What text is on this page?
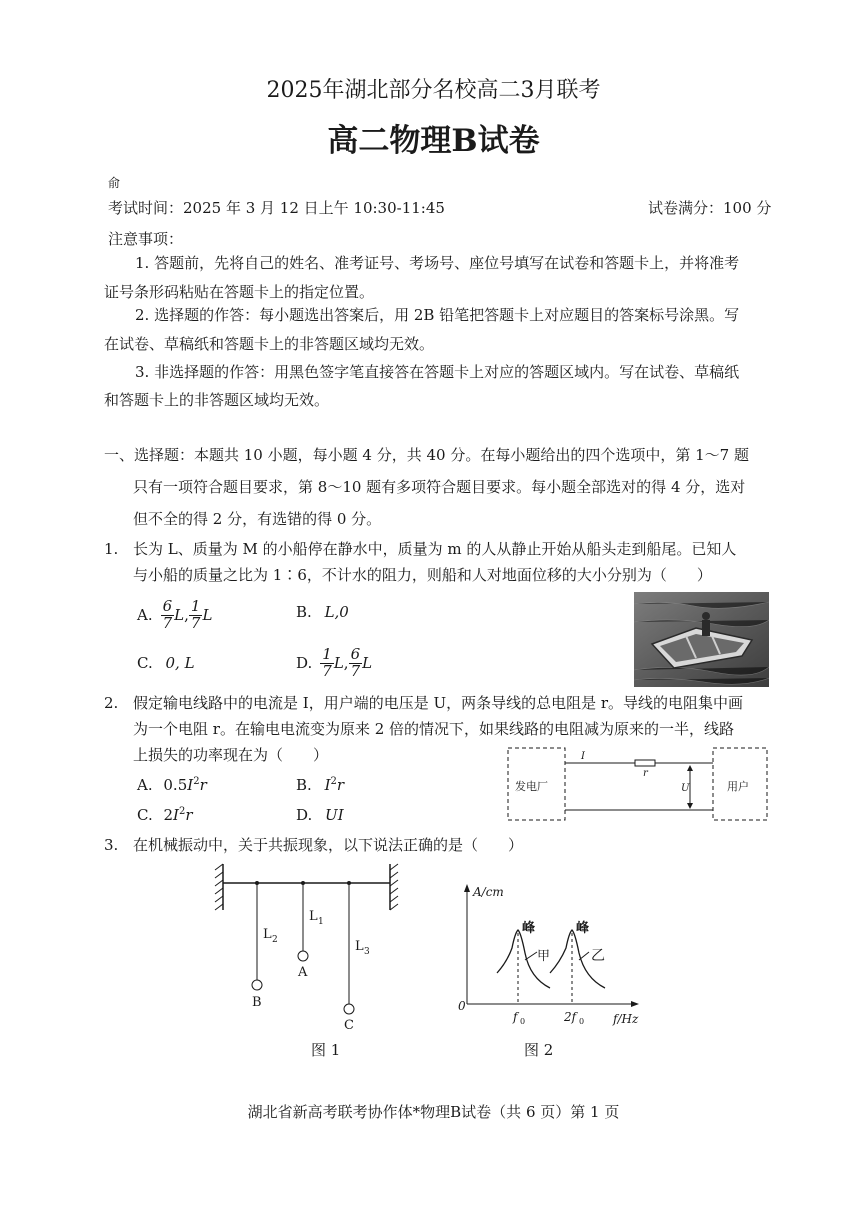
2025年湖北部分名校高二3月联考
高二物理B试卷
俞
考试时间：2025 年 3 月 12 日上午 10:30-11:45	试卷满分：100 分
注意事项：
1. 答题前，先将自己的姓名、准考证号、考场号、座位号填写在试卷和答题卡上，并将准考
证号条形码粘贴在答题卡上的指定位置。
2. 选择题的作答：每小题选出答案后，用 2B 铅笔把答题卡上对应题目的答案标号涂黑。写
在试卷、草稿纸和答题卡上的非答题区域均无效。
3. 非选择题的作答：用黑色签字笔直接答在答题卡上对应的答题区域内。写在试卷、草稿纸
和答题卡上的非答题区域均无效。
一、选择题：本题共 10 小题，每小题 4 分，共 40 分。在每小题给出的四个选项中，第 1～7 题
只有一项符合题目要求，第 8～10 题有多项符合题目要求。每小题全部选对的得 4 分，选对
但不全的得 2 分，有选错的得 0 分。
1. 长为 L、质量为 M 的小船停在静水中，质量为 m 的人从静止开始从船头走到船尾。已知人
与小船的质量之比为 1∶6，不计水的阻力，则船和人对地面位移的大小分别为（　　）
A. $\frac{6}{7}$ L , $\frac{1}{7}$ L	B. L,0
C. 0, L	D. $\frac{1}{7}$ L , $\frac{6}{7}$ L
2. 假定输电线路中的电流是 I，用户端的电压是 U，两条导线的总电阻是 r。导线的电阻集中画
为一个电阻 r。在输电电流变为原来 2 倍的情况下，如果线路的电阻减为原来的一半，线路
上损失的功率现在为（　　）
A. $0.5I^2r$	B. $I^2r$
C. $2I^2r$	D. UI
发电厂	用户
I
r
U
3. 在机械振动中，关于共振现象，以下说法正确的是（　　）
L 2
L 1
L 3
B
A
C
图 1
A/cm
f/Hz
0
峰	峰
甲	乙
f 0	2f 0
图 2
湖北省新高考联考协作体*物理B试卷（共 6 页）第 1 页
